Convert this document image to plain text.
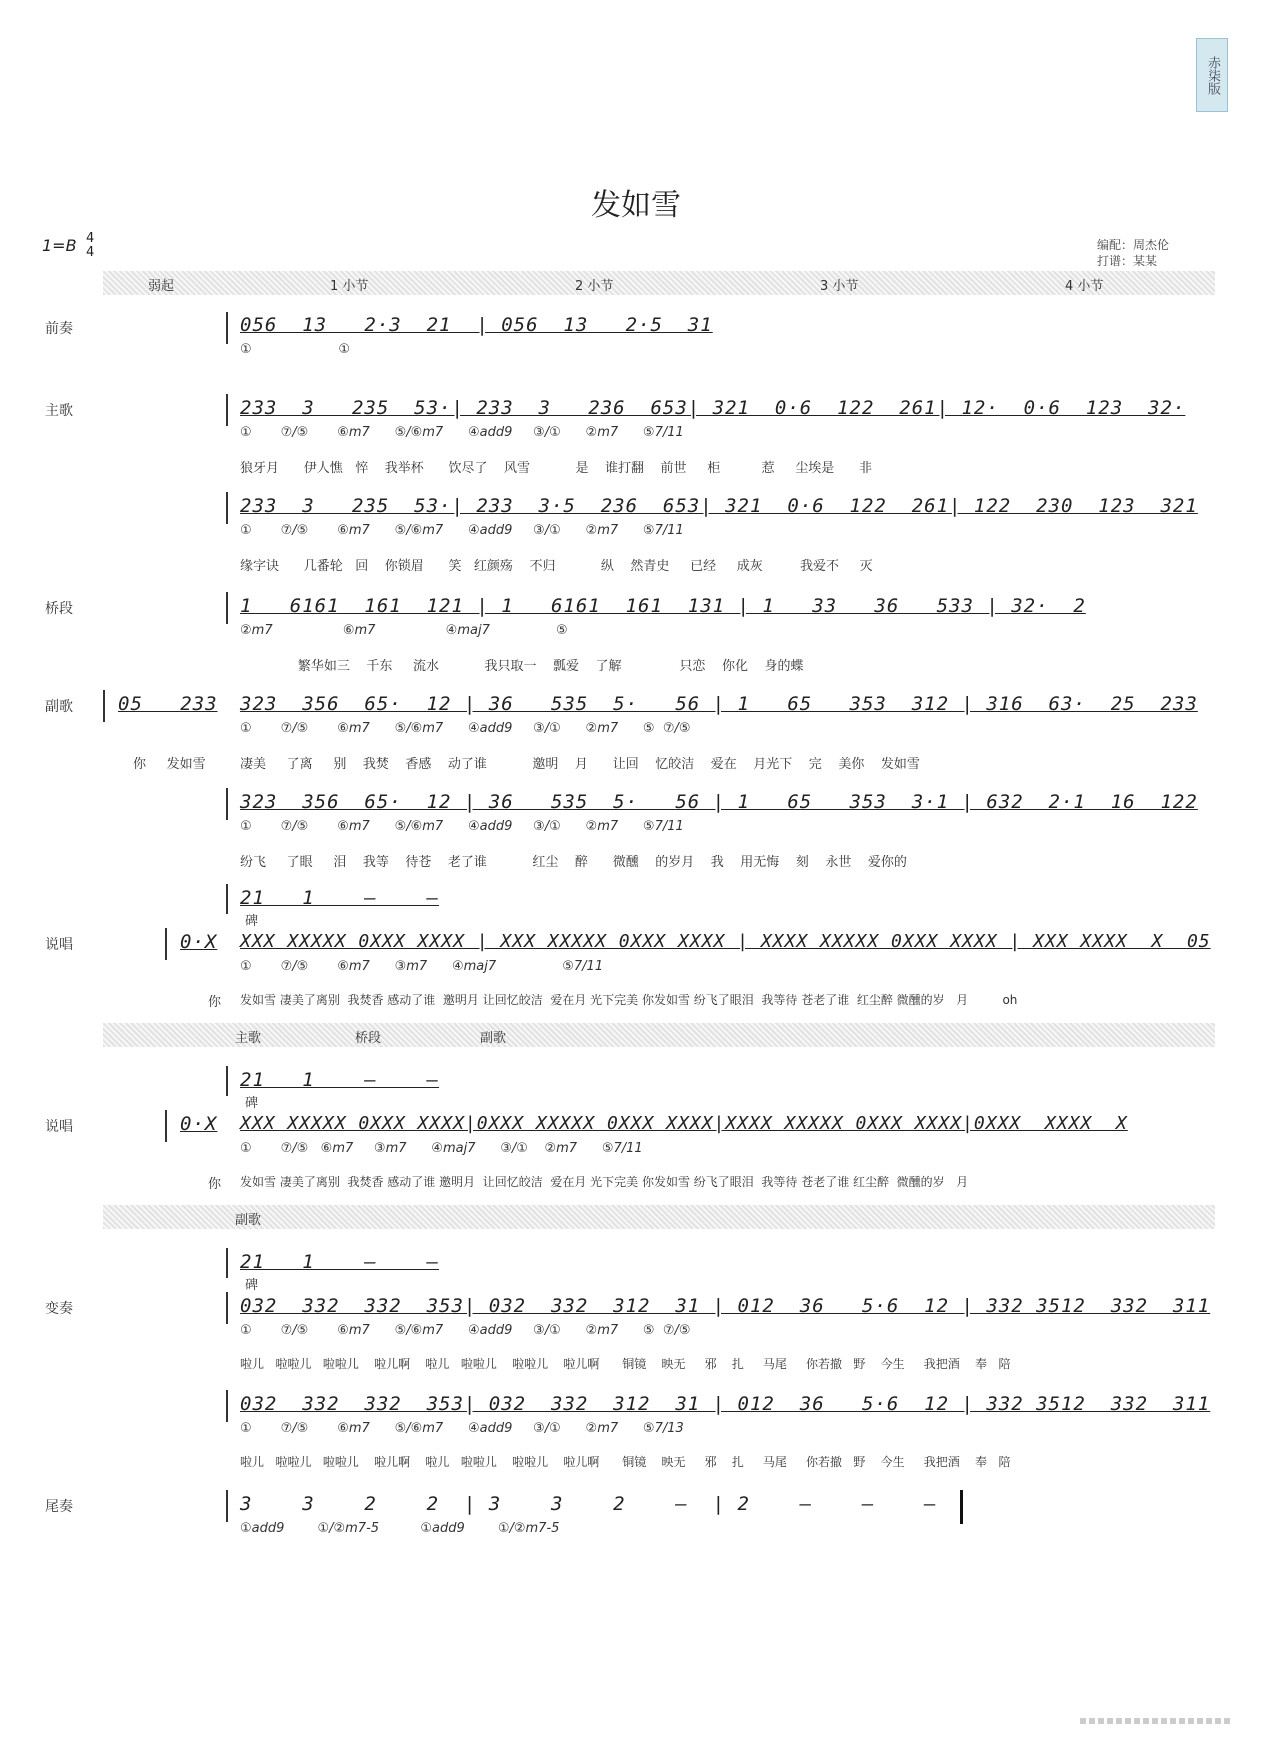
赤柒版
发如雪
1=B 4
4	编配：周杰伦
打谱：某某
弱起	1 小节	2 小节	3 小节	4 小节
前奏	056  13   2·3  21  | 056  13   2·5  31
①                     ①
主歌	233  3   235  53·| 233  3   236  653| 321  0·6  122  261| 12·  0·6  123  32·
①       ⑦/⑤       ⑥m7      ⑤/⑥m7      ④add9     ③/①      ②m7      ⑤7/11
狼牙月      伊人憔   悴    我举杯      饮尽了    风雪           是    谁打翻    前世     柜          惹     尘埃是      非
233  3   235  53·| 233  3·5  236  653| 321  0·6  122  261| 122  230  123  321
①       ⑦/⑤       ⑥m7      ⑤/⑥m7      ④add9     ③/①      ②m7      ⑤7/11
缘字诀      几番轮   回    你锁眉      笑   红颜殇    不归           纵    然青史     已经     成灰         我爱不     灭
桥段	1   6161  161  121 | 1   6161  161  131 | 1   33   36   533 | 32·  2
②m7                 ⑥m7                 ④maj7                ⑤
繁华如三    千东     流水           我只取一    瓢爱    了解              只恋    你化    身的蝶
副歌 05   233	323  356  65·  12 | 36   535  5·   56 | 1   65   353  312 | 316  63·  25  233
①       ⑦/⑤       ⑥m7      ⑤/⑥m7      ④add9     ③/①      ②m7      ⑤  ⑦/⑤
你     发如雪	凄美     了离     别    我焚    香感    动了谁           邀明    月      让回    忆皎洁    爱在    月光下    完    美你    发如雪
323  356  65·  12 | 36   535  5·   56 | 1   65   353  3·1 | 632  2·1  16  122
①       ⑦/⑤       ⑥m7      ⑤/⑥m7      ④add9     ③/①      ②m7      ⑤7/11
纷飞     了眼     泪    我等    待苍    老了谁           红尘    醉      微醺    的岁月    我    用无悔    刻    永世    爱你的
21   1    —    —
碑
说唱	0·X	XXX XXXXX 0XXX XXXX | XXX XXXXX 0XXX XXXX | XXXX XXXXX 0XXX XXXX | XXX XXXX  X  05
①       ⑦/⑤       ⑥m7      ③m7      ④maj7                ⑤7/11
你	发如雪 凄美了离别  我焚香 感动了谁  邀明月 让回忆皎洁  爱在月 光下完美 你发如雪 纷飞了眼泪  我等待 苍老了谁  红尘醉 微醺的岁   月         oh
主歌	桥段	副歌
21   1    —    —
碑
说唱	0·X	XXX XXXXX 0XXX XXXX|0XXX XXXXX 0XXX XXXX|XXXX XXXXX 0XXX XXXX|0XXX  XXXX  X
①       ⑦/⑤   ⑥m7     ③m7      ④maj7      ③/①    ②m7      ⑤7/11
你	发如雪 凄美了离别  我焚香 感动了谁 邀明月  让回忆皎洁  爱在月 光下完美 你发如雪 纷飞了眼泪  我等待 苍老了谁 红尘醉  微醺的岁   月
副歌
21   1    —    —
碑
变奏	032  332  332  353| 032  332  312  31 | 012  36   5·6  12 | 332 3512  332  311
①       ⑦/⑤       ⑥m7      ⑤/⑥m7      ④add9     ③/①      ②m7      ⑤  ⑦/⑤
啦儿   啦啦儿   啦啦儿    啦儿啊    啦儿   啦啦儿    啦啦儿    啦儿啊      铜镜    映无     邪    扎     马尾     你若撤   野    今生     我把酒    奉   陪
032  332  332  353| 032  332  312  31 | 012  36   5·6  12 | 332 3512  332  311
①       ⑦/⑤       ⑥m7      ⑤/⑥m7      ④add9     ③/①      ②m7      ⑤7/13
啦儿   啦啦儿   啦啦儿    啦儿啊    啦儿   啦啦儿    啦啦儿    啦儿啊      铜镜    映无     邪    扎     马尾     你若撤   野    今生     我把酒    奉   陪
尾奏	3    3    2    2  | 3    3    2    —  | 2    —    —    —
①add9        ①/②m7-5          ①add9        ①/②m7-5
